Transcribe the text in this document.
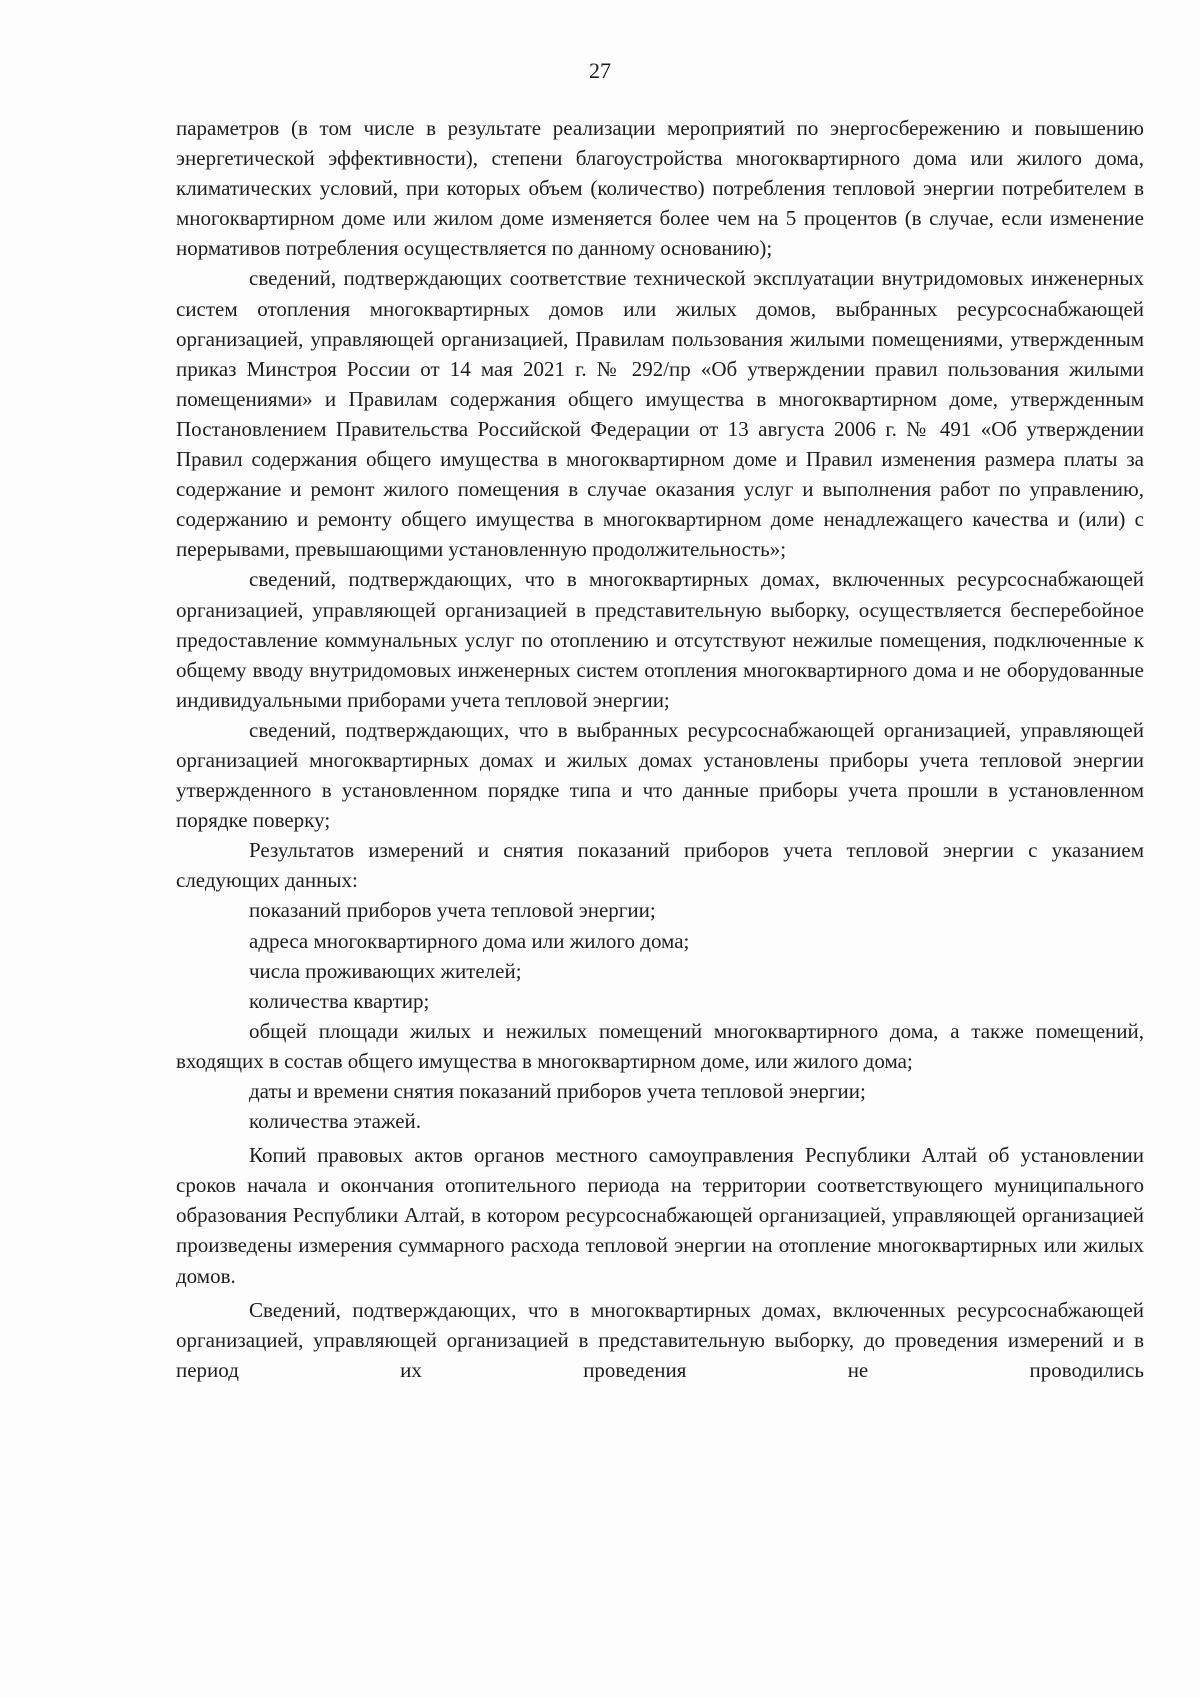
27

параметров (в том числе в результате реализации мероприятий по энергосбережению и повышению энергетической эффективности), степени благоустройства многоквартирного дома или жилого дома, климатических условий, при которых объем (количество) потребления тепловой энергии потребителем в многоквартирном доме или жилом доме изменяется более чем на 5 процентов (в случае, если изменение нормативов потребления осуществляется по данному основанию);

сведений, подтверждающих соответствие технической эксплуатации внутридомовых инженерных систем отопления многоквартирных домов или жилых домов, выбранных ресурсоснабжающей организацией, управляющей организацией, Правилам пользования жилыми помещениями, утвержденным приказ Минстроя России от 14 мая 2021 г. № 292/пр «Об утверждении правил пользования жилыми помещениями» и Правилам содержания общего имущества в многоквартирном доме, утвержденным Постановлением Правительства Российской Федерации от 13 августа 2006 г. № 491 «Об утверждении Правил содержания общего имущества в многоквартирном доме и Правил изменения размера платы за содержание и ремонт жилого помещения в случае оказания услуг и выполнения работ по управлению, содержанию и ремонту общего имущества в многоквартирном доме ненадлежащего качества и (или) с перерывами, превышающими установленную продолжительность»;

сведений, подтверждающих, что в многоквартирных домах, включенных ресурсоснабжающей организацией, управляющей организацией в представительную выборку, осуществляется бесперебойное предоставление коммунальных услуг по отоплению и отсутствуют нежилые помещения, подключенные к общему вводу внутридомовых инженерных систем отопления многоквартирного дома и не оборудованные индивидуальными приборами учета тепловой энергии;

сведений, подтверждающих, что в выбранных ресурсоснабжающей организацией, управляющей организацией многоквартирных домах и жилых домах установлены приборы учета тепловой энергии утвержденного в установленном порядке типа и что данные приборы учета прошли в установленном порядке поверку;

Результатов измерений и снятия показаний приборов учета тепловой энергии с указанием следующих данных:

показаний приборов учета тепловой энергии;

адреса многоквартирного дома или жилого дома;

числа проживающих жителей;

количества квартир;

общей площади жилых и нежилых помещений многоквартирного дома, а также помещений, входящих в состав общего имущества в многоквартирном доме, или жилого дома;

даты и времени снятия показаний приборов учета тепловой энергии;

количества этажей.

Копий правовых актов органов местного самоуправления Республики Алтай об установлении сроков начала и окончания отопительного периода на территории соответствующего муниципального образования Республики Алтай, в котором ресурсоснабжающей организацией, управляющей организацией произведены измерения суммарного расхода тепловой энергии на отопление многоквартирных или жилых домов.

Сведений, подтверждающих, что в многоквартирных домах, включенных ресурсоснабжающей организацией, управляющей организацией в представительную выборку, до проведения измерений и в период их проведения не проводились
